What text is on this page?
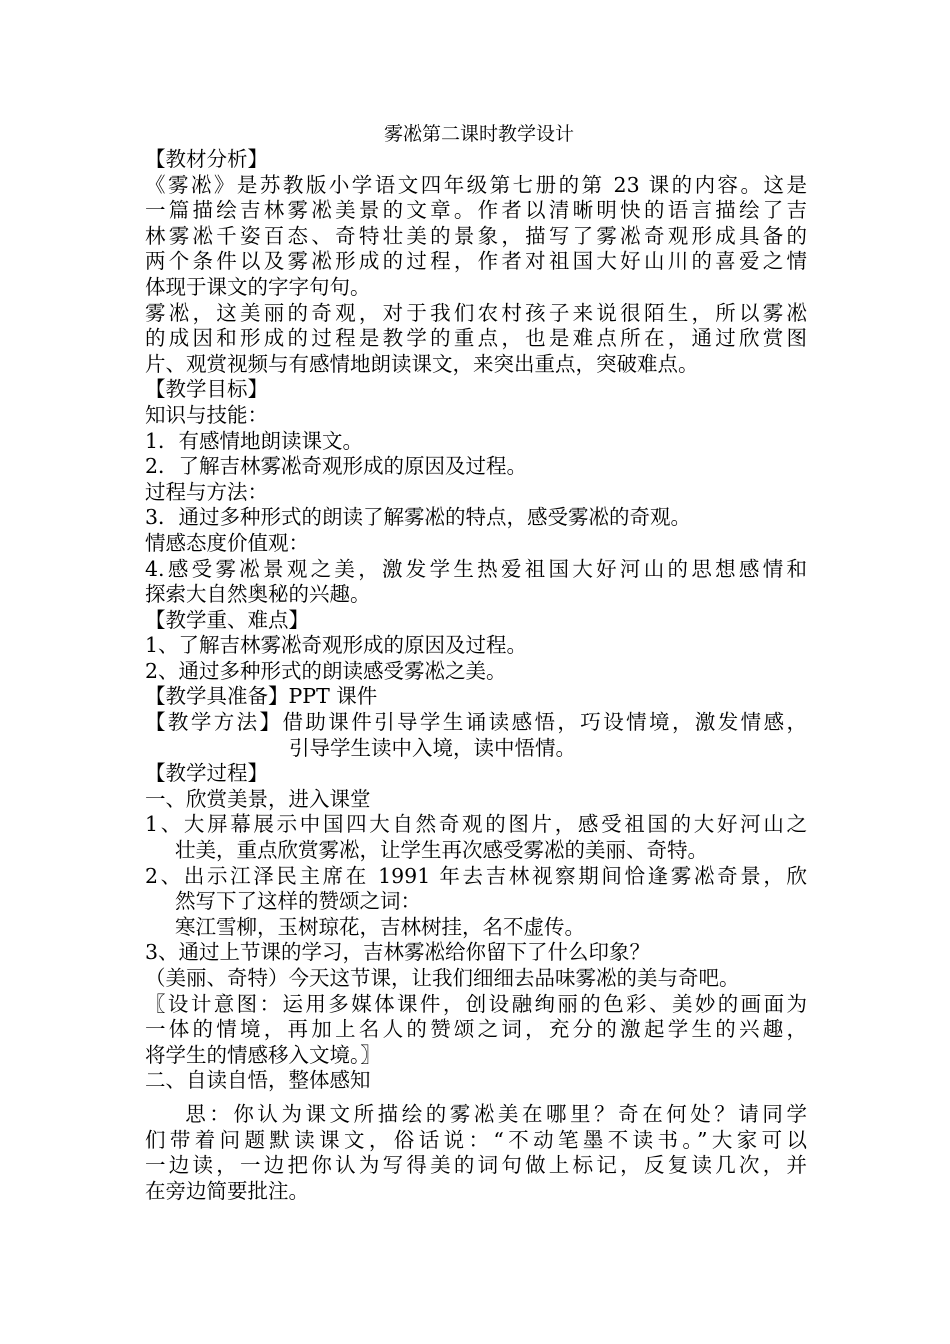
雾凇第二课时教学设计
【教材分析】
《雾凇》是苏教版小学语文四年级第七册的第 23 课的内容。这是
一篇描绘吉林雾凇美景的文章。作者以清晰明快的语言描绘了吉
林雾凇千姿百态、奇特壮美的景象，描写了雾凇奇观形成具备的
两个条件以及雾凇形成的过程，作者对祖国大好山川的喜爱之情
体现于课文的字字句句。
雾凇，这美丽的奇观，对于我们农村孩子来说很陌生，所以雾凇
的成因和形成的过程是教学的重点，也是难点所在，通过欣赏图
片、观赏视频与有感情地朗读课文，来突出重点，突破难点。
【教学目标】
知识与技能：
1．有感情地朗读课文。
2．了解吉林雾凇奇观形成的原因及过程。
过程与方法：
3．通过多种形式的朗读了解雾凇的特点，感受雾凇的奇观。
情感态度价值观：
4.感受雾凇景观之美，激发学生热爱祖国大好河山的思想感情和
探索大自然奥秘的兴趣。
【教学重、难点】
1、了解吉林雾凇奇观形成的原因及过程。
2、通过多种形式的朗读感受雾凇之美。
【教学具准备】PPT 课件
【教学方法】借助课件引导学生诵读感悟，巧设情境，激发情感，
引导学生读中入境，读中悟情。
【教学过程】
一、欣赏美景，进入课堂
1、大屏幕展示中国四大自然奇观的图片，感受祖国的大好河山之
壮美，重点欣赏雾凇，让学生再次感受雾凇的美丽、奇特。
2、出示江泽民主席在 1991 年去吉林视察期间恰逢雾凇奇景，欣
然写下了这样的赞颂之词：
寒江雪柳，玉树琼花，吉林树挂，名不虚传。
3、通过上节课的学习，吉林雾凇给你留下了什么印象？
（美丽、奇特）今天这节课，让我们细细去品味雾凇的美与奇吧。
〖设计意图：运用多媒体课件，创设融绚丽的色彩、美妙的画面为
一体的情境，再加上名人的赞颂之词，充分的激起学生的兴趣，
将学生的情感移入文境。〗
二、自读自悟，整体感知
思：你认为课文所描绘的雾凇美在哪里？奇在何处？请同学
们带着问题默读课文，俗话说：“不动笔墨不读书。”大家可以
一边读，一边把你认为写得美的词句做上标记，反复读几次，并
在旁边简要批注。
